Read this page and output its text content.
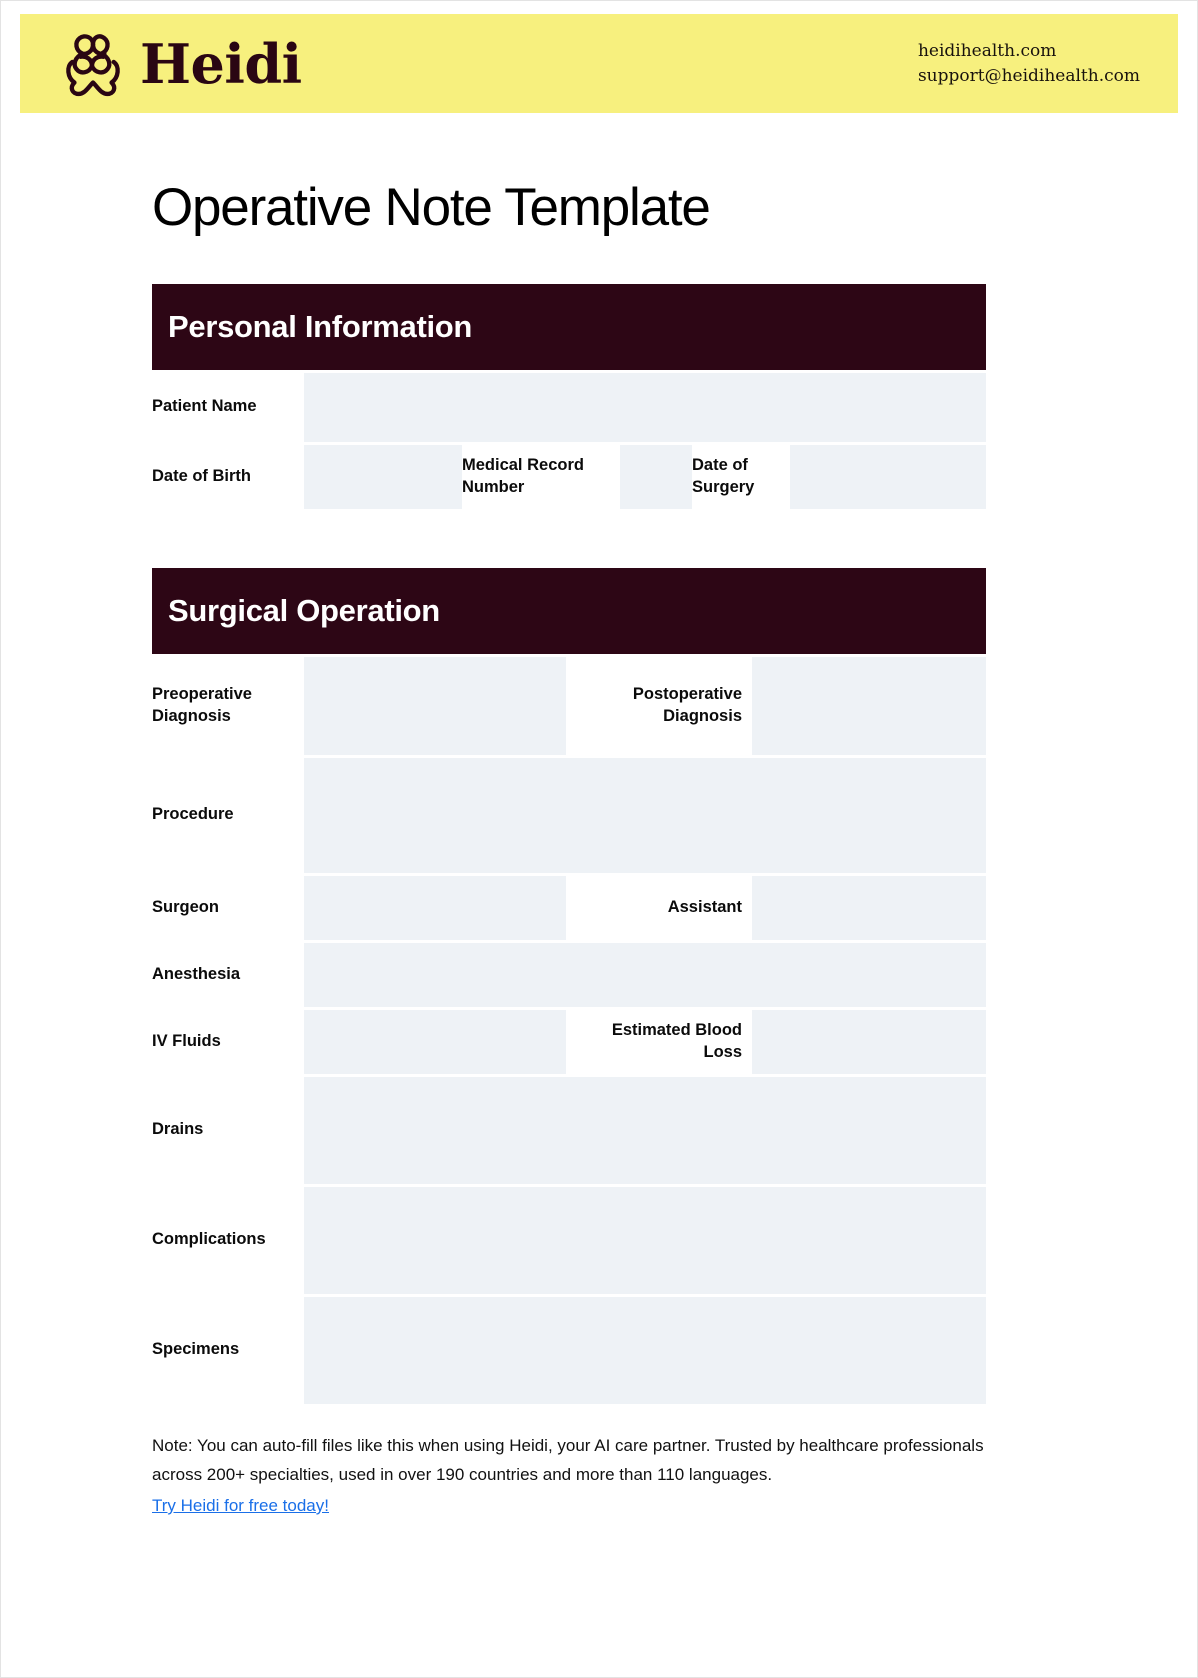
Heidi	heidihealth.com
support@heidihealth.com
Operative Note Template
Personal Information
Patient Name					
Date of Birth		Medical Record Number		Date of Surgery	
Surgical Operation
Preoperative Diagnosis		Postoperative Diagnosis	
Procedure			
Surgeon		Assistant	
Anesthesia			
IV Fluids		Estimated Blood Loss	
Drains			
Complications			
Specimens			
Note: You can auto-fill files like this when using Heidi, your AI care partner. Trusted by healthcare professionals across 200+ specialties, used in over 190 countries and more than 110 languages.
Try Heidi for free today!
